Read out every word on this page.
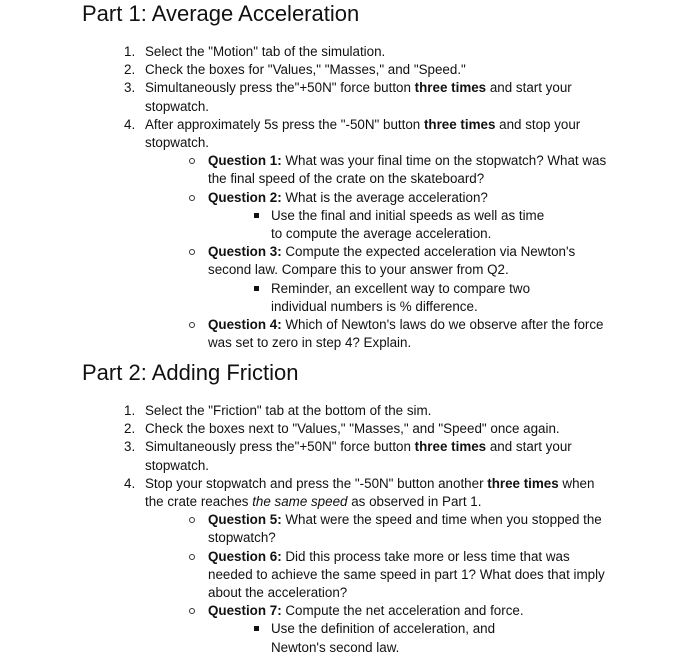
Part 1: Average Acceleration
1. Select the "Motion" tab of the simulation.
2. Check the boxes for "Values," "Masses," and "Speed."
3. Simultaneously press the"+50N" force button three times and start your stopwatch.
4. After approximately 5s press the "-50N" button three times and stop your stopwatch.
Question 1: What was your final time on the stopwatch? What was the final speed of the crate on the skateboard?
Question 2: What is the average acceleration?
Use the final and initial speeds as well as time to compute the average acceleration.
Question 3: Compute the expected acceleration via Newton's second law. Compare this to your answer from Q2.
Reminder, an excellent way to compare two individual numbers is % difference.
Question 4: Which of Newton's laws do we observe after the force was set to zero in step 4? Explain.
Part 2: Adding Friction
1. Select the "Friction" tab at the bottom of the sim.
2. Check the boxes next to "Values," "Masses," and "Speed" once again.
3. Simultaneously press the"+50N" force button three times and start your stopwatch.
4. Stop your stopwatch and press the "-50N" button another three times when the crate reaches the same speed as observed in Part 1.
Question 5: What were the speed and time when you stopped the stopwatch?
Question 6: Did this process take more or less time that was needed to achieve the same speed in part 1? What does that imply about the acceleration?
Question 7: Compute the net acceleration and force.
Use the definition of acceleration, and Newton's second law.
